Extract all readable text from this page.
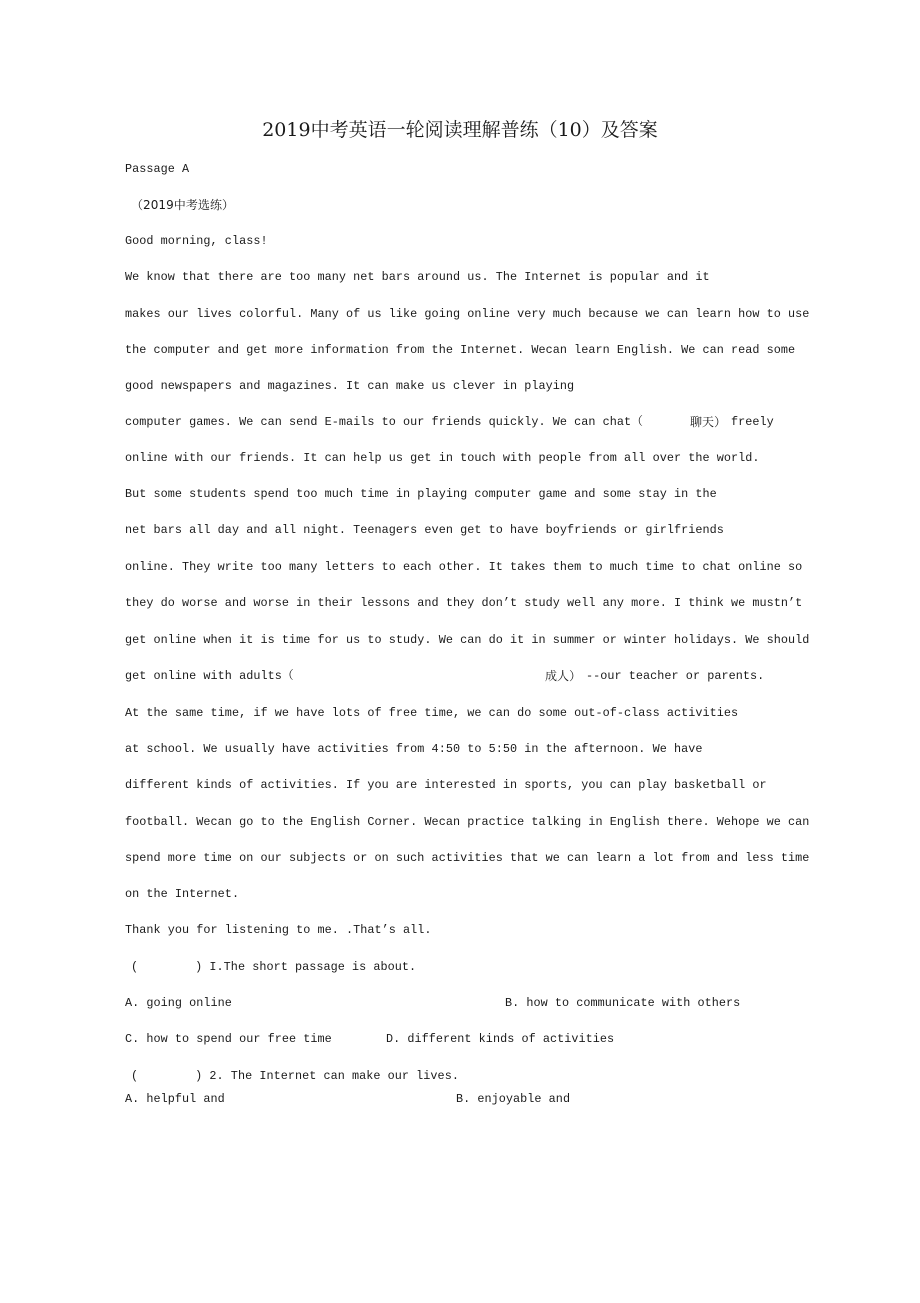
2019中考英语一轮阅读理解普练（10）及答案
Passage A
（2019中考选练）
Good morning, class!
We know that there are too many net bars around us. The Internet is popular and it
makes our lives colorful. Many of us like going online very much because we can learn how to use
the computer and get more information from the Internet. Wecan learn English. We can read some
good newspapers and magazines. It can make us clever in playing
computer games. We can send E-mails to our friends quickly. We can chat（	聊天） freely
online with our friends. It can help us get in touch with people from all over the world.
But some students spend too much time in playing computer game and some stay in the
net bars all day and all night. Teenagers even get to have boyfriends or girlfriends
online. They write too many letters to each other. It takes them to much time to chat online so
they do worse and worse in their lessons and they don’t study well any more. I think we mustn’t
get online when it is time for us to study. We can do it in summer or winter holidays. We should
get online with adults（	成人） --our teacher or parents.
At the same time, if we have lots of free time, we can do some out-of-class activities
at school. We usually have activities from 4:50 to 5:50 in the afternoon. We have
different kinds of activities. If you are interested in sports, you can play basketball or
football. Wecan go to the English Corner. Wecan practice talking in English there. Wehope we can
spend more time on our subjects or on such activities that we can learn a lot from and less time
on the Internet.
Thank you for listening to me. .That’s all.
(        ) I.The short passage is about.
A. going online	B. how to communicate with others
C. how to spend our free time	D. different kinds of activities
(        ) 2. The Internet can make our lives.
A. helpful and	B. enjoyable and
